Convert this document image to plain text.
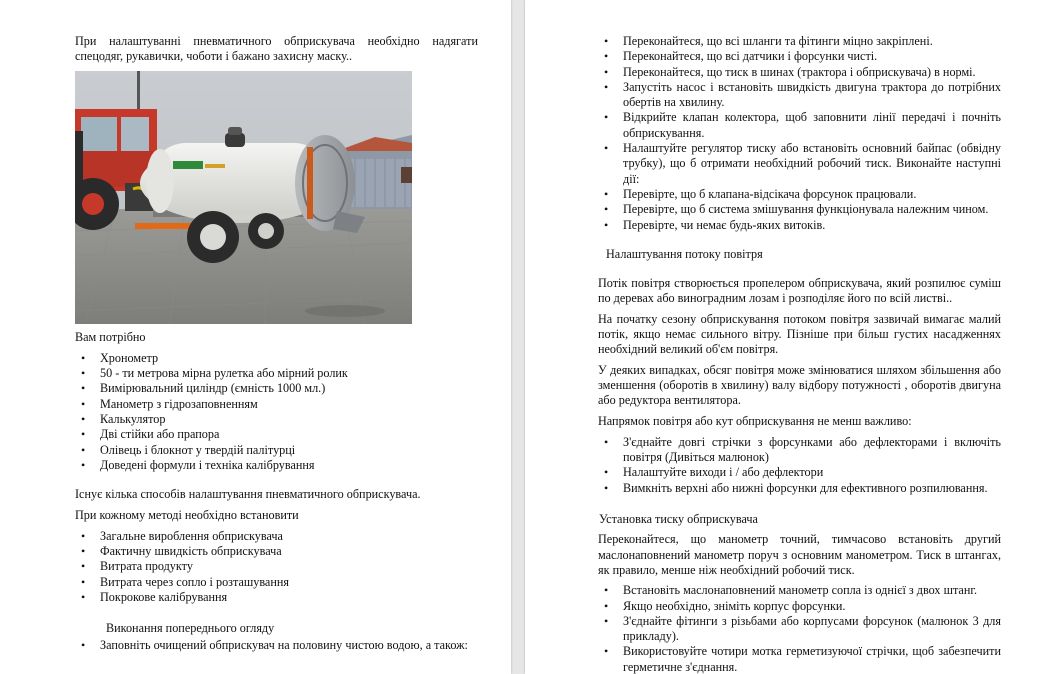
При налаштуванні пневматичного обприскувача необхідно надягати спецодяг, рукавички, чоботи і бажано захисну маску..

Вам потрібно

• Хронометр
• 50 - ти метрова мірна рулетка або мірний ролик
• Вимірювальний циліндр (ємність 1000 мл.)
• Манометр з гідрозаповненням
• Калькулятор
• Дві стійки або прапора
• Олівець і блокнот у твердій палітурці
• Доведені формули і техніка калібрування

Існує кілька способів налаштування пневматичного обприскувача.

При кожному методі необхідно встановити

• Загальне вироблення обприскувача
• Фактичну швидкість обприскувача
• Витрата продукту
• Витрата через сопло і розташування
• Покрокове калібрування

Виконання попереднього огляду

• Заповніть очищений обприскувач на половину чистою водою, а також:
• Переконайтеся, що всі шланги та фітинги міцно закріплені.
• Переконайтеся, що всі датчики і форсунки чисті.
• Переконайтеся, що тиск в шинах (трактора і обприскувача) в нормі.
• Запустіть насос і встановіть швидкість двигуна трактора до потрібних обертів на хвилину.
• Відкрийте клапан колектора, щоб заповнити лінії передачі і почніть обприскування.
• Налаштуйте регулятор тиску або встановіть основний байпас (обвідну трубку), що б отримати необхідний робочий тиск. Виконайте наступні дії:
• Перевірте, що б клапана-відсікача форсунок працювали.
• Перевірте, що б система змішування функціонувала належним чином.
• Перевірте, чи немає будь-яких витоків.

Налаштування потоку повітря

Потік повітря створюється пропелером обприскувача, який розпилює суміш по деревах або виноградним лозам і розподіляє його по всій листві..

На початку сезону обприскування потоком повітря зазвичай вимагає малий потік, якщо немає сильного вітру. Пізніше при більш густих насадженнях необхідний великий об'єм повітря.

У деяких випадках, обсяг повітря може змінюватися шляхом збільшення або зменшення (оборотів в хвилину) валу відбору потужності , оборотів двигуна або редуктора вентилятора.

Напрямок повітря або кут обприскування не менш важливо:

• З'єднайте довгі стрічки з форсунками або дефлекторами і включіть повітря (Дивіться малюнок)
• Налаштуйте виходи і / або дефлектори
• Вимкніть верхні або нижні форсунки для ефективного розпилювання.

Установка тиску обприскувача

Переконайтеся, що манометр точний, тимчасово встановіть другий маслонаповнений манометр поруч з основним манометром. Тиск в штангах, як правило, менше ніж необхідний робочий тиск.

• Встановіть маслонаповнений манометр сопла із однієї з двох штанг.
• Якщо необхідно, зніміть корпус форсунки.
• З'єднайте фітинги з різьбами або корпусами форсунок (малюнок 3 для прикладу).
• Використовуйте чотири мотка герметизуючої стрічки, щоб забезпечити герметичне з'єднання.
